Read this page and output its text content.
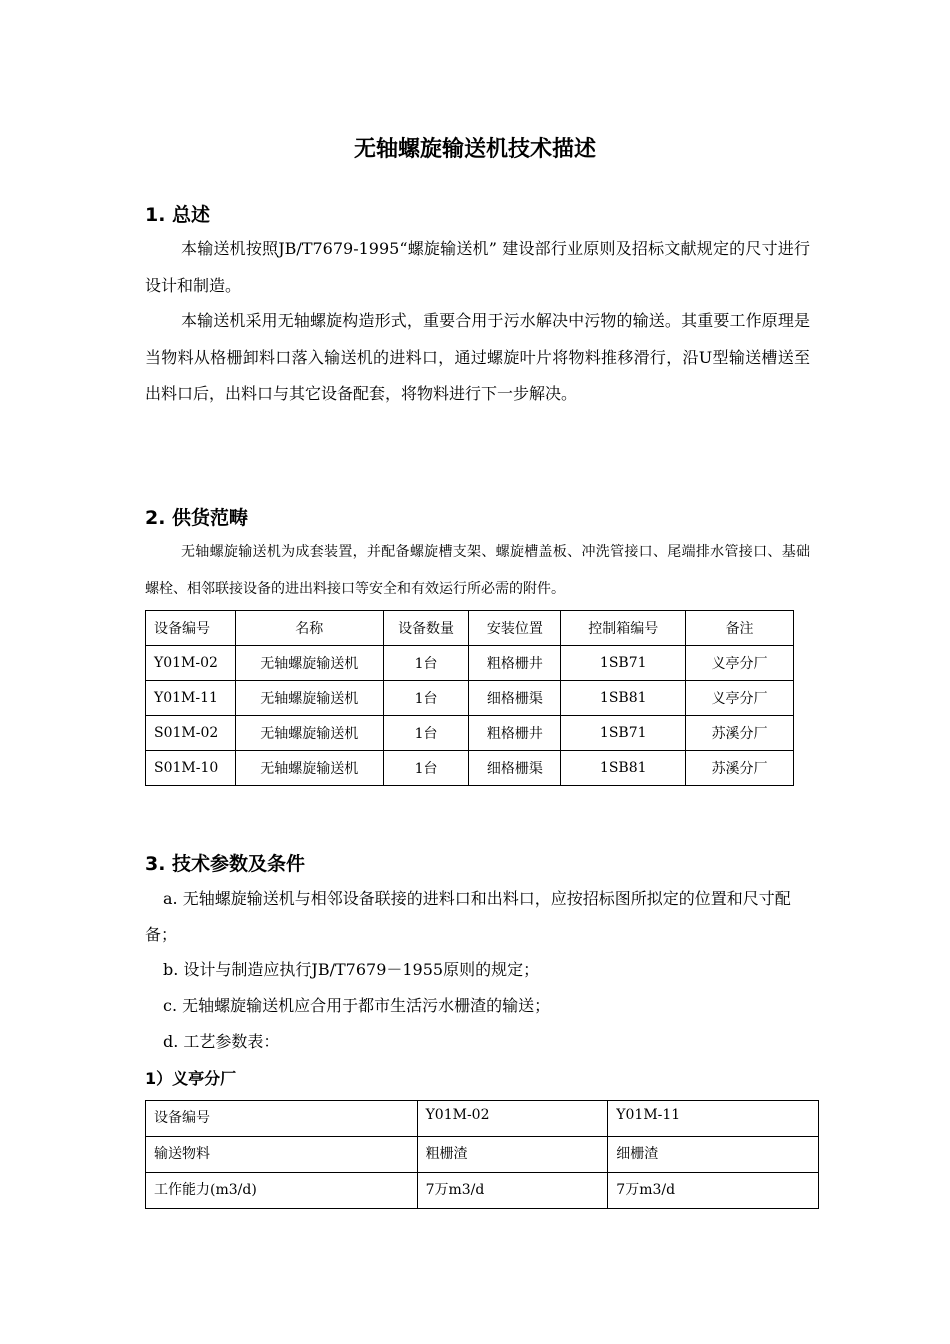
无轴螺旋输送机技术描述
1. 总述

本输送机按照JB/T7679-1995“螺旋输送机” 建设部行业原则及招标文献规定的尺寸进行设计和制造。

本输送机采用无轴螺旋构造形式，重要合用于污水解决中污物的输送。其重要工作原理是当物料从格栅卸料口落入输送机的进料口，通过螺旋叶片将物料推移滑行，沿U型输送槽送至出料口后，出料口与其它设备配套，将物料进行下一步解决。

2. 供货范畴

无轴螺旋输送机为成套装置，并配备螺旋槽支架、螺旋槽盖板、冲洗管接口、尾端排水管接口、基础螺栓、相邻联接设备的进出料接口等安全和有效运行所必需的附件。

设备编号	名称	设备数量	安装位置	控制箱编号	备注
Y01M-02	无轴螺旋输送机	1台	粗格栅井	1SB71	义亭分厂
Y01M-11	无轴螺旋输送机	1台	细格栅渠	1SB81	义亭分厂
S01M-02	无轴螺旋输送机	1台	粗格栅井	1SB71	苏溪分厂
S01M-10	无轴螺旋输送机	1台	细格栅渠	1SB81	苏溪分厂
3. 技术参数及条件

a. 无轴螺旋输送机与相邻设备联接的进料口和出料口，应按招标图所拟定的位置和尺寸配备；

b. 设计与制造应执行JB/T7679－1955原则的规定；

c. 无轴螺旋输送机应合用于都市生活污水栅渣的输送；

d. 工艺参数表：

1）义亭分厂
设备编号	Y01M-02	Y01M-11
输送物料	粗栅渣	细栅渣
工作能力(m3/d)	7万m3/d	7万m3/d
